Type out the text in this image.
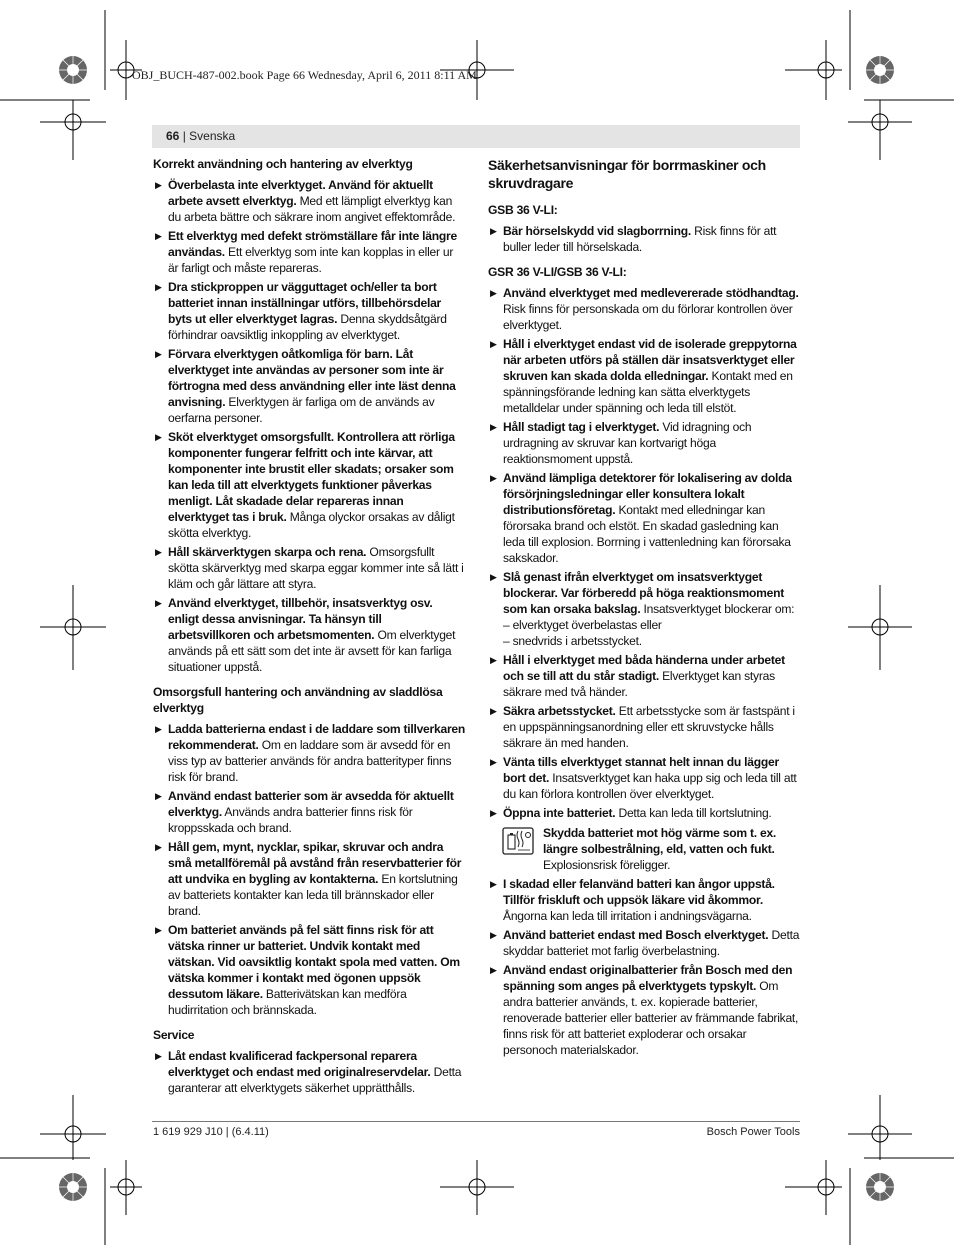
OBJ_BUCH-487-002.book Page 66 Wednesday, April 6, 2011 8:11 AM
66 | Svenska

Korrekt användning och hantering av elverktyg

▶ Överbelasta inte elverktyget. Använd för aktuellt arbete avsett elverktyg. Med ett lämpligt elverktyg kan du arbeta bättre och säkrare inom angivet effektområde.
▶ Ett elverktyg med defekt strömställare får inte längre användas. Ett elverktyg som inte kan kopplas in eller ur är farligt och måste repareras.
▶ Dra stickproppen ur vägguttaget och/eller ta bort batteriet innan inställningar utförs, tillbehörsdelar byts ut eller elverktyget lagras. Denna skyddsåtgärd förhindrar oavsiktlig inkoppling av elverktyget.
▶ Förvara elverktygen oåtkomliga för barn. Låt elverktyget inte användas av personer som inte är förtrogna med dess användning eller inte läst denna anvisning. Elverktygen är farliga om de används av oerfarna personer.
▶ Sköt elverktyget omsorgsfullt. Kontrollera att rörliga komponenter fungerar felfritt och inte kärvar, att komponenter inte brustit eller skadats; orsaker som kan leda till att elverktygets funktioner påverkas menligt. Låt skadade delar repareras innan elverktyget tas i bruk. Många olyckor orsakas av dåligt skötta elverktyg.
▶ Håll skärverktygen skarpa och rena. Omsorgsfullt skötta skärverktyg med skarpa eggar kommer inte så lätt i kläm och går lättare att styra.
▶ Använd elverktyget, tillbehör, insatsverktyg osv. enligt dessa anvisningar. Ta hänsyn till arbetsvillkoren och arbetsmomenten. Om elverktyget används på ett sätt som det inte är avsett för kan farliga situationer uppstå.

Omsorgsfull hantering och användning av sladdlösa elverktyg

▶ Ladda batterierna endast i de laddare som tillverkaren rekommenderat. Om en laddare som är avsedd för en viss typ av batterier används för andra batterityper finns risk för brand.
▶ Använd endast batterier som är avsedda för aktuellt elverktyg. Används andra batterier finns risk för kroppsskada och brand.
▶ Håll gem, mynt, nycklar, spikar, skruvar och andra små metallföremål på avstånd från reservbatterier för att undvika en bygling av kontakterna. En kortslutning av batteriets kontakter kan leda till brännskador eller brand.
▶ Om batteriet används på fel sätt finns risk för att vätska rinner ur batteriet. Undvik kontakt med vätskan. Vid oavsiktlig kontakt spola med vatten. Om vätska kommer i kontakt med ögonen uppsök dessutom läkare. Batterivätskan kan medföra hudirritation och brännskada.

Service

▶ Låt endast kvalificerad fackpersonal reparera elverktyget och endast med originalreservdelar. Detta garanterar att elverktygets säkerhet upprätthålls.

Säkerhetsanvisningar för borrmaskiner och skruvdragare

GSB 36 V-LI:

▶ Bär hörselskydd vid slagborrning. Risk finns för att buller leder till hörselskada.

GSR 36 V-LI/GSB 36 V-LI:

▶ Använd elverktyget med medlevererade stödhandtag. Risk finns för personskada om du förlorar kontrollen över elverktyget.
▶ Håll i elverktyget endast vid de isolerade greppytorna när arbeten utförs på ställen där insatsverktyget eller skruven kan skada dolda elledningar. Kontakt med en spänningsförande ledning kan sätta elverktygets metalldelar under spänning och leda till elstöt.
▶ Håll stadigt tag i elverktyget. Vid idragning och urdragning av skruvar kan kortvarigt höga reaktionsmoment uppstå.
▶ Använd lämpliga detektorer för lokalisering av dolda försörjningsledningar eller konsultera lokalt distributionsföretag. Kontakt med elledningar kan förorsaka brand och elstöt. En skadad gasledning kan leda till explosion. Borrning i vattenledning kan förorsaka sakskador.
▶ Slå genast ifrån elverktyget om insatsverktyget blockerar. Var förberedd på höga reaktionsmoment som kan orsaka bakslag. Insatsverktyget blockerar om:
– elverktyget överbelastas eller
– snedvrids i arbetsstycket.
▶ Håll i elverktyget med båda händerna under arbetet och se till att du står stadigt. Elverktyget kan styras säkrare med två händer.
▶ Säkra arbetsstycket. Ett arbetsstycke som är fastspänt i en uppspänningsanordning eller ett skruvstycke hålls säkrare än med handen.
▶ Vänta tills elverktyget stannat helt innan du lägger bort det. Insatsverktyget kan haka upp sig och leda till att du kan förlora kontrollen över elverktyget.
▶ Öppna inte batteriet. Detta kan leda till kortslutning.
Skydda batteriet mot hög värme som t. ex. längre solbestrålning, eld, vatten och fukt. Explosionsrisk föreligger.
▶ I skadad eller felanvänd batteri kan ångor uppstå. Tillför friskluft och uppsök läkare vid åkommor. Ångorna kan leda till irritation i andningsvägarna.
▶ Använd batteriet endast med Bosch elverktyget. Detta skyddar batteriet mot farlig överbelastning.
▶ Använd endast originalbatterier från Bosch med den spänning som anges på elverktygets typskylt. Om andra batterier används, t. ex. kopierade batterier, renoverade batterier eller batterier av främmande fabrikat, finns risk för att batteriet exploderar och orsakar personoch materialskador.
1 619 929 J10 | (6.4.11)	Bosch Power Tools
